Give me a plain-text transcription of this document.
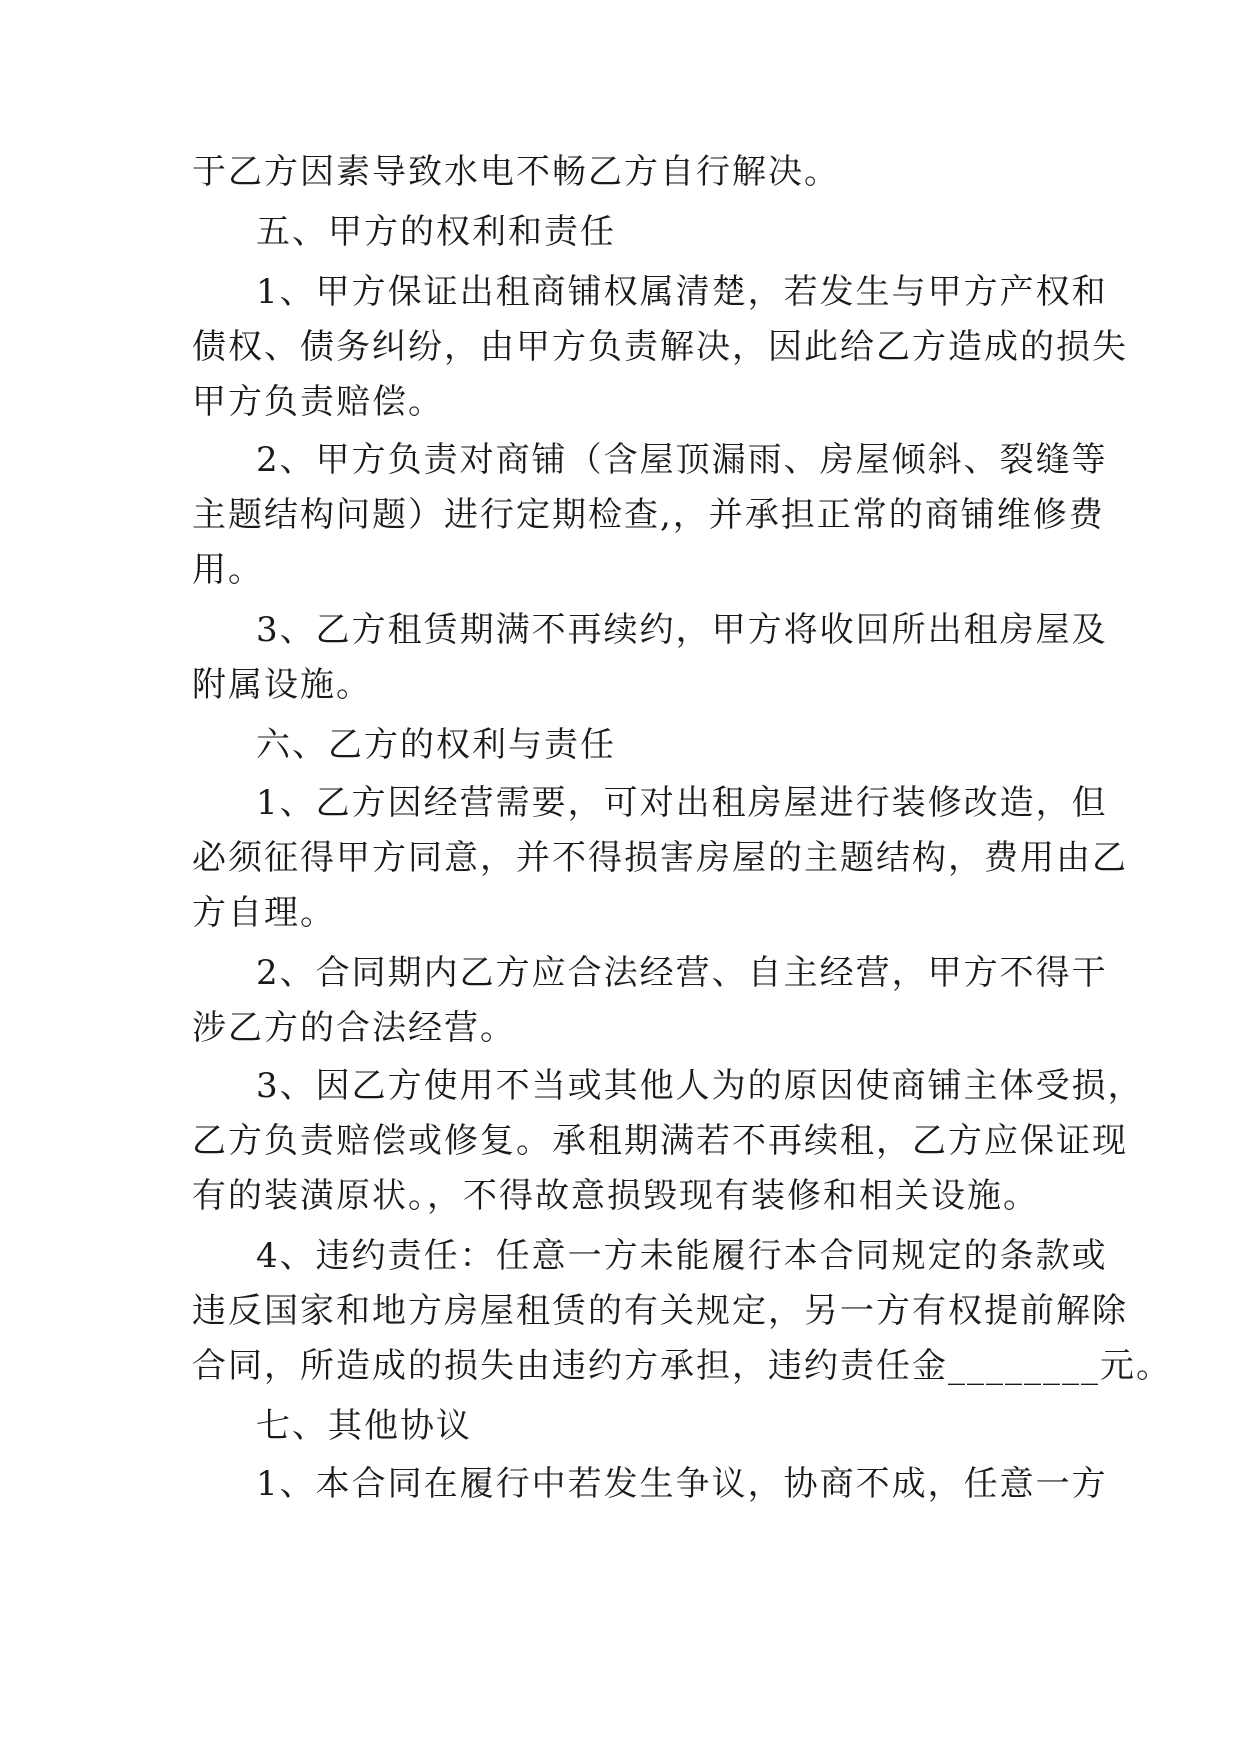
于乙方因素导致水电不畅乙方自行解决。
五、甲方的权利和责任
1、甲方保证出租商铺权属清楚，若发生与甲方产权和
债权、债务纠纷，由甲方负责解决，因此给乙方造成的损失
甲方负责赔偿。
2、甲方负责对商铺（含屋顶漏雨、房屋倾斜、裂缝等
主题结构问题）进行定期检查,，并承担正常的商铺维修费
用。
3、乙方租赁期满不再续约，甲方将收回所出租房屋及
附属设施。
六、乙方的权利与责任
1、乙方因经营需要，可对出租房屋进行装修改造，但
必须征得甲方同意，并不得损害房屋的主题结构，费用由乙
方自理。
2、合同期内乙方应合法经营、自主经营，甲方不得干
涉乙方的合法经营。
3、因乙方使用不当或其他人为的原因使商铺主体受损，
乙方负责赔偿或修复。承租期满若不再续租，乙方应保证现
有的装潢原状。，不得故意损毁现有装修和相关设施。
4、违约责任：任意一方未能履行本合同规定的条款或
违反国家和地方房屋租赁的有关规定，另一方有权提前解除
合同，所造成的损失由违约方承担，违约责任金________元。
七、其他协议
1、本合同在履行中若发生争议，协商不成，任意一方
